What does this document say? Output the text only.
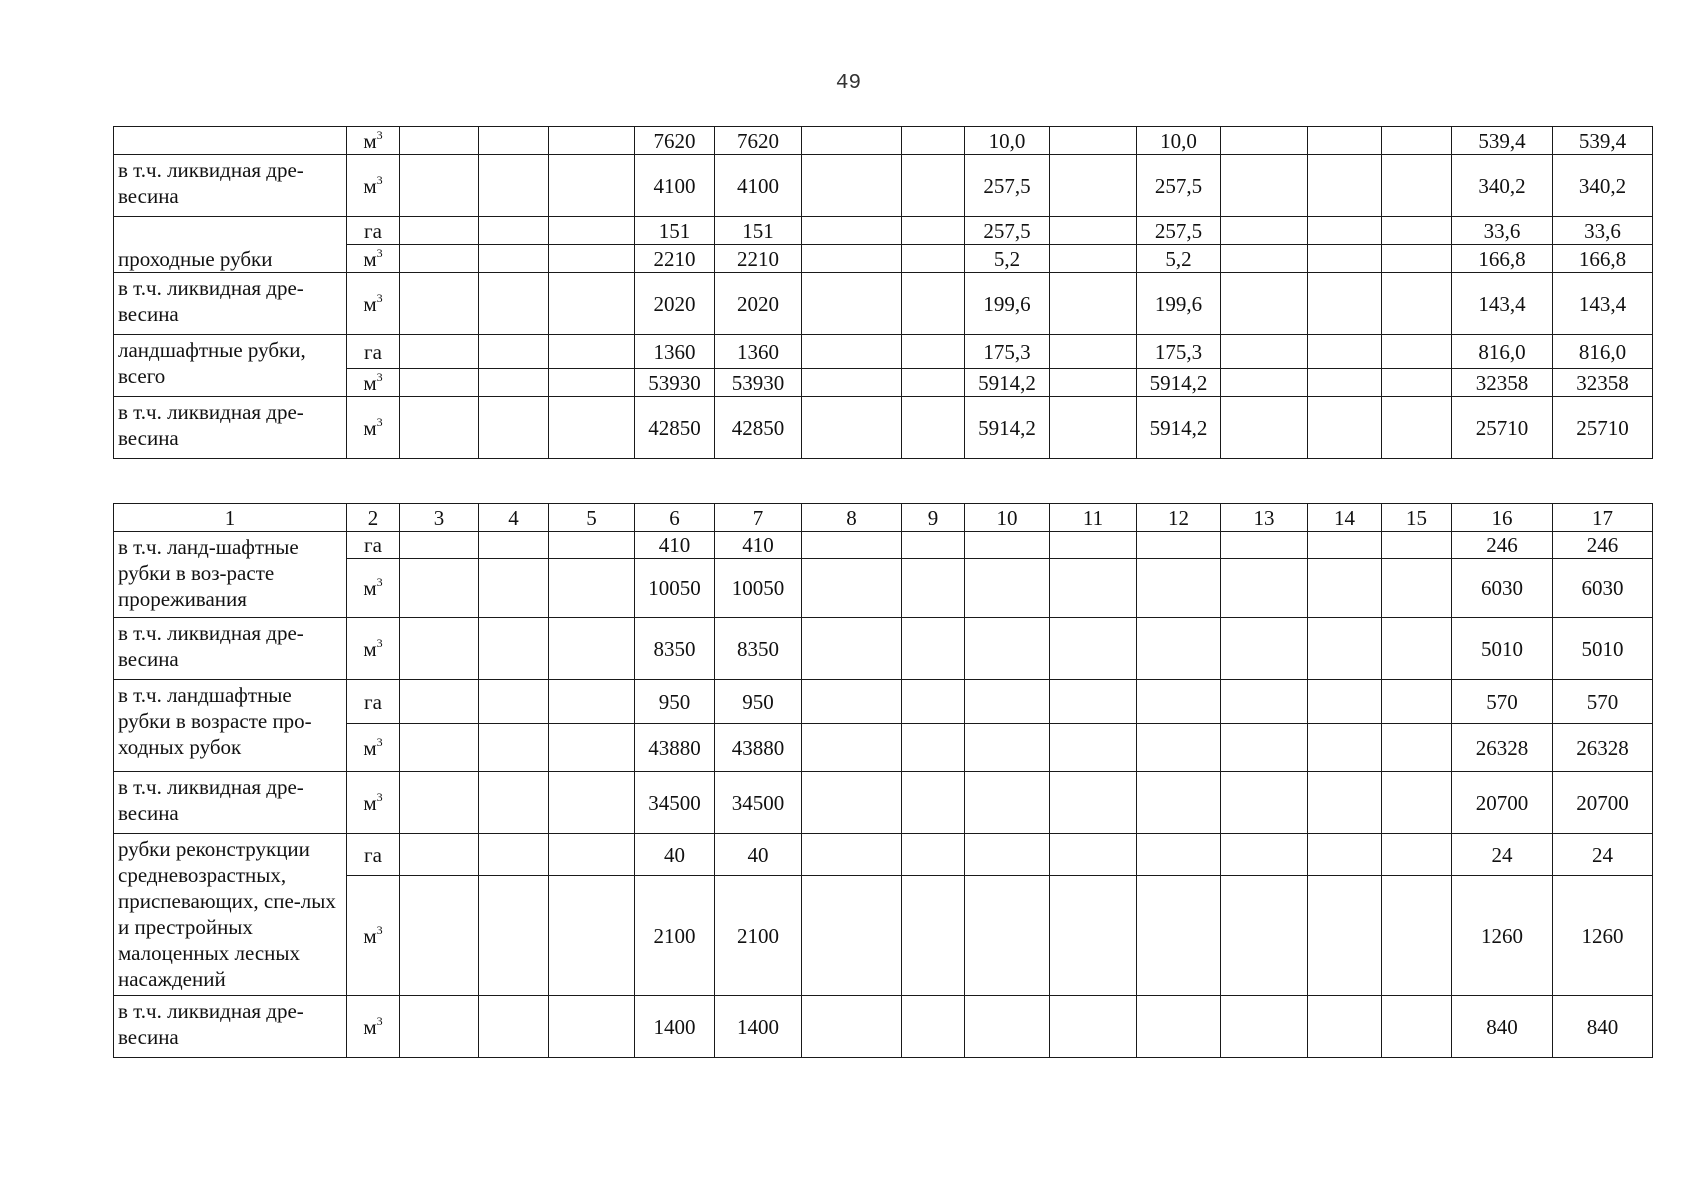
49
	$м^3$				7620	7620			10,0		10,0				539,4	539,4
в т.ч. ликвидная дре-весина	$м^3$				4100	4100			257,5		257,5				340,2	340,2
проходные рубки	га				151	151			257,5		257,5				33,6	33,6
	$м^3$				2210	2210			5,2		5,2				166,8	166,8
в т.ч. ликвидная дре-весина	$м^3$				2020	2020			199,6		199,6				143,4	143,4
ландшафтные рубки, всего	га				1360	1360			175,3		175,3				816,0	816,0
	$м^3$				53930	53930			5914,2		5914,2				32358	32358
в т.ч. ликвидная дре-весина	$м^3$				42850	42850			5914,2		5914,2				25710	25710
1	2	3	4	5	6	7	8	9	10	11	12	13	14	15	16	17
в т.ч. ланд-шафтные рубки в воз-расте прореживания	га				410	410									246	246
	$м^3$				10050	10050									6030	6030
в т.ч. ликвидная дре-весина	$м^3$				8350	8350									5010	5010
в т.ч. ландшафтные рубки в возрасте про-ходных рубок	га				950	950									570	570
	$м^3$				43880	43880									26328	26328
в т.ч. ликвидная дре-весина	$м^3$				34500	34500									20700	20700
рубки реконструкции средневозрастных, приспевающих, спе-лых и престройных малоценных лесных насаждений	га				40	40									24	24
	$м^3$				2100	2100									1260	1260
в т.ч. ликвидная дре-весина	$м^3$				1400	1400									840	840
